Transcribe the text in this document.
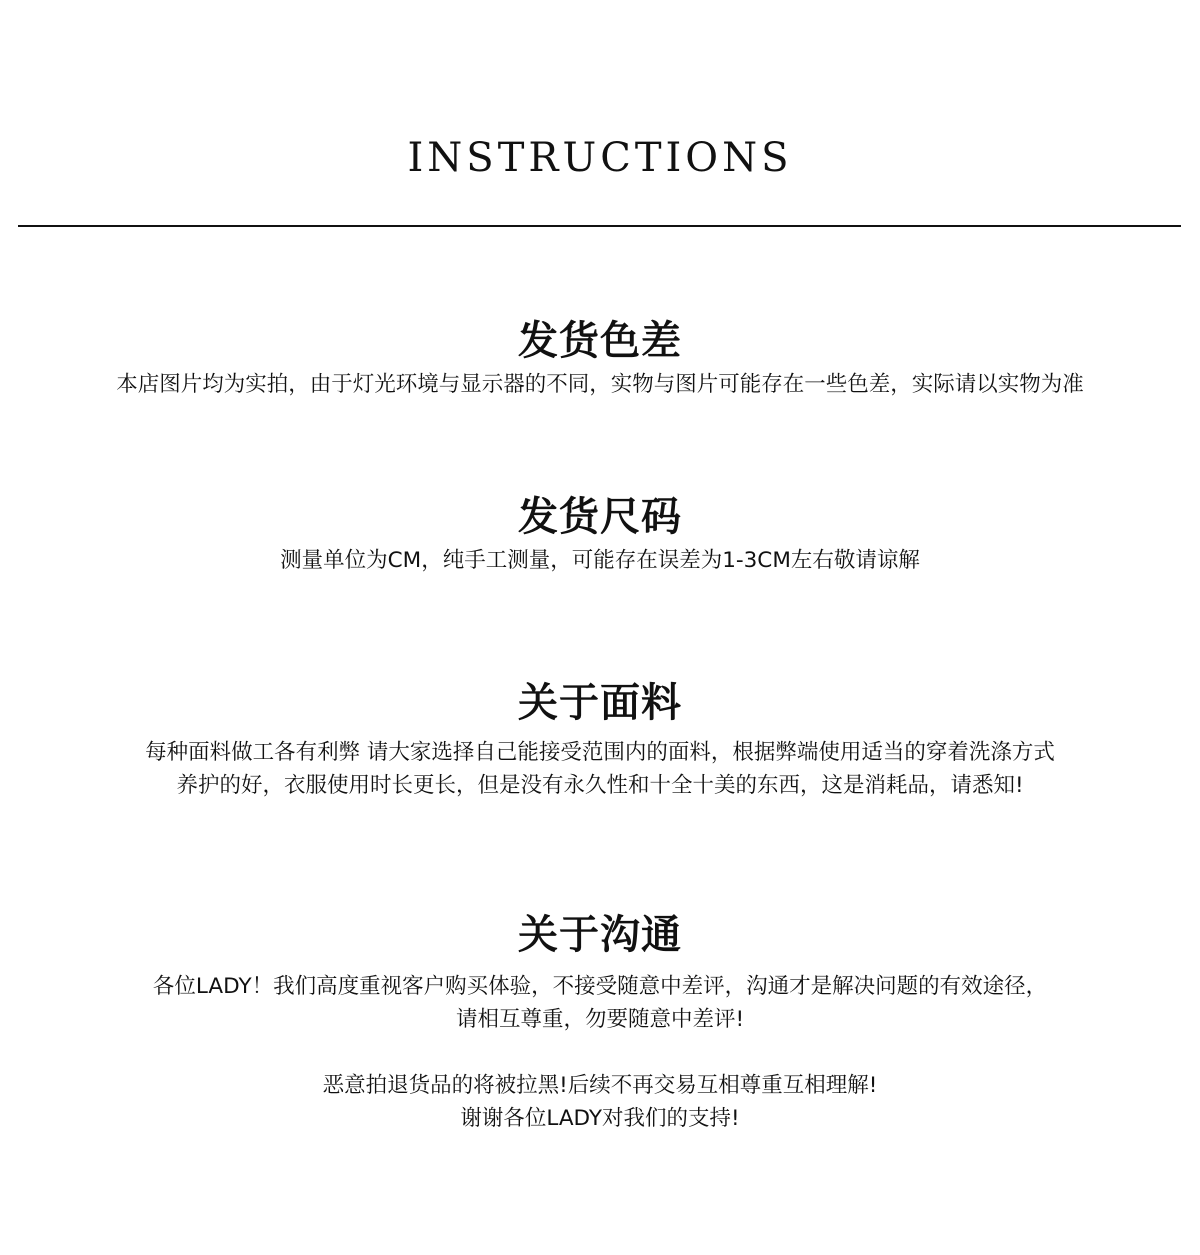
INSTRUCTIONS
发货色差

本店图片均为实拍，由于灯光环境与显示器的不同，实物与图片可能存在一些色差，实际请以实物为准

发货尺码

测量单位为CM，纯手工测量，可能存在误差为1-3CM左右敬请谅解

关于面料

每种面料做工各有利弊 请大家选择自己能接受范围内的面料，根据弊端使用适当的穿着洗涤方式
养护的好，衣服使用时长更长，但是没有永久性和十全十美的东西，这是消耗品，请悉知!

关于沟通

各位LADY！我们高度重视客户购买体验，不接受随意中差评，沟通才是解决问题的有效途径，
请相互尊重，勿要随意中差评!
恶意拍退货品的将被拉黑!后续不再交易互相尊重互相理解!
谢谢各位LADY对我们的支持!
